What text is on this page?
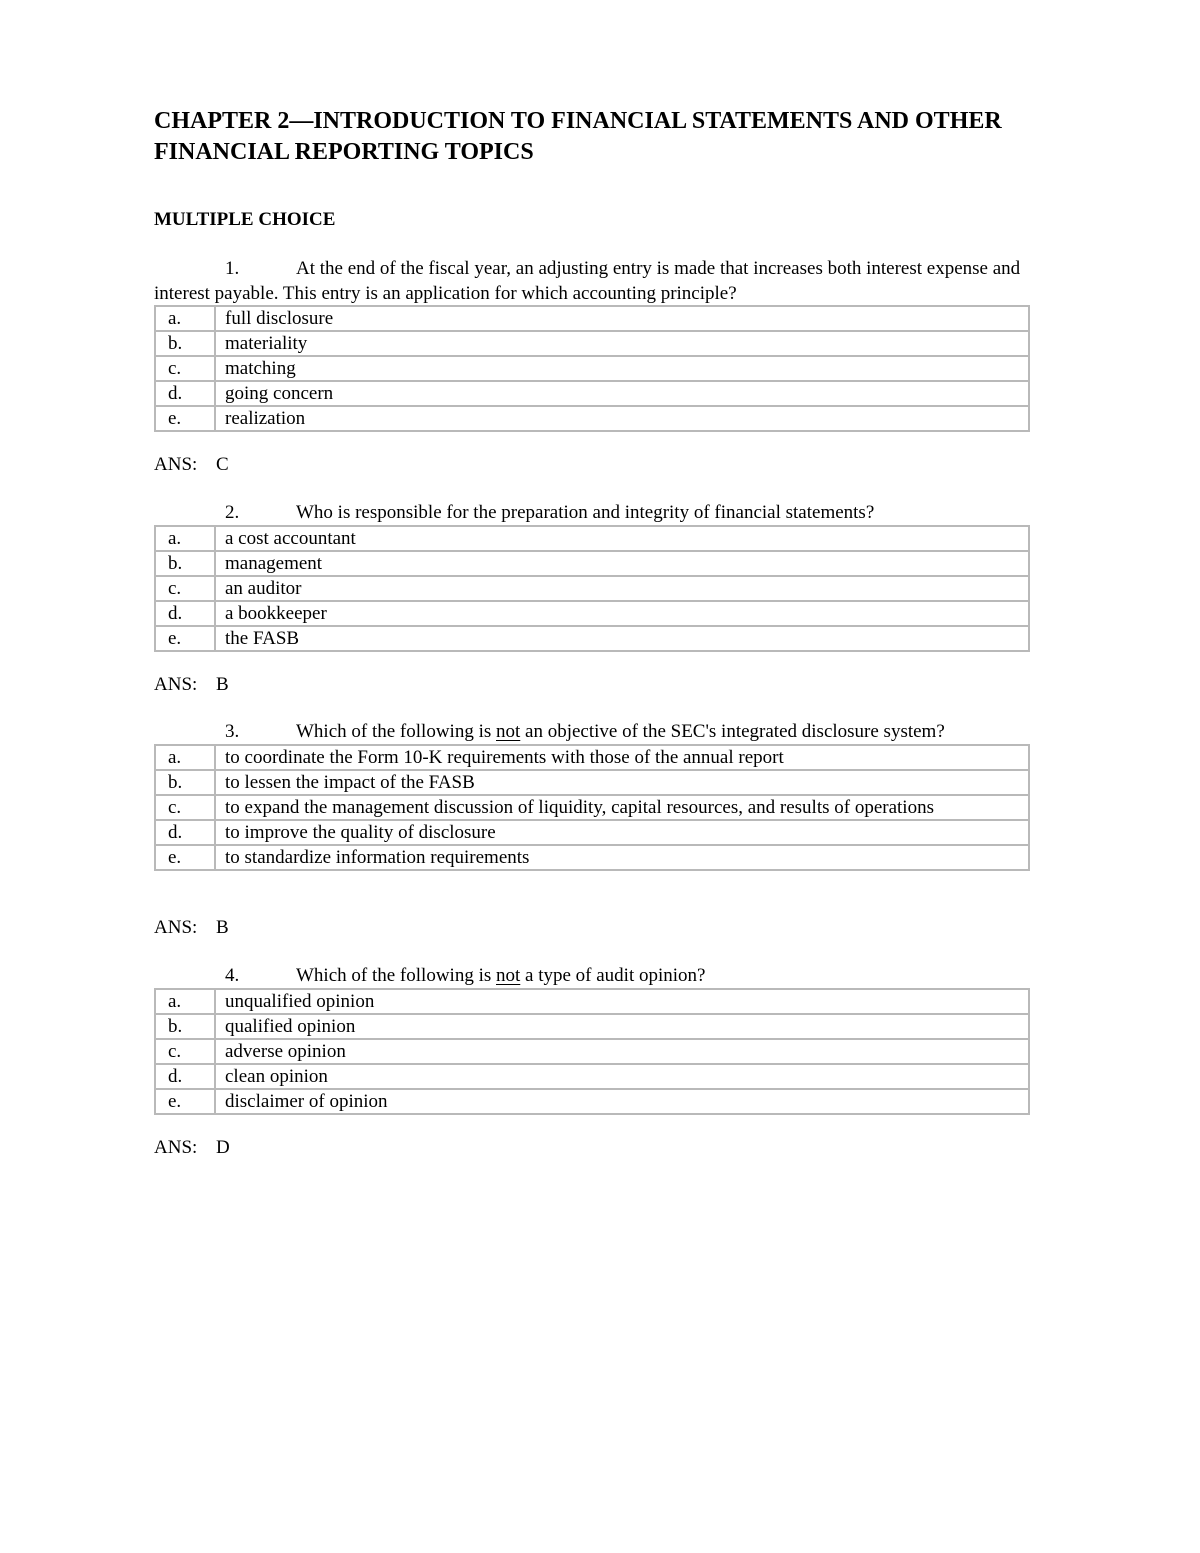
CHAPTER 2—INTRODUCTION TO FINANCIAL STATEMENTS AND OTHER FINANCIAL REPORTING TOPICS
MULTIPLE CHOICE

1.	At the end of the fiscal year, an adjusting entry is made that increases both interest expense and interest payable. This entry is an application for which accounting principle?

a.	full disclosure
b.	materiality
c.	matching
d.	going concern
e.	realization

ANS: C

2.	Who is responsible for the preparation and integrity of financial statements?

a.	a cost accountant
b.	management
c.	an auditor
d.	a bookkeeper
e.	the FASB

ANS: B

3.	Which of the following is not an objective of the SEC's integrated disclosure system?

a.	to coordinate the Form 10-K requirements with those of the annual report
b.	to lessen the impact of the FASB
c.	to expand the management discussion of liquidity, capital resources, and results of operations
d.	to improve the quality of disclosure
e.	to standardize information requirements

ANS: B

4.	Which of the following is not a type of audit opinion?

a.	unqualified opinion
b.	qualified opinion
c.	adverse opinion
d.	clean opinion
e.	disclaimer of opinion

ANS: D
